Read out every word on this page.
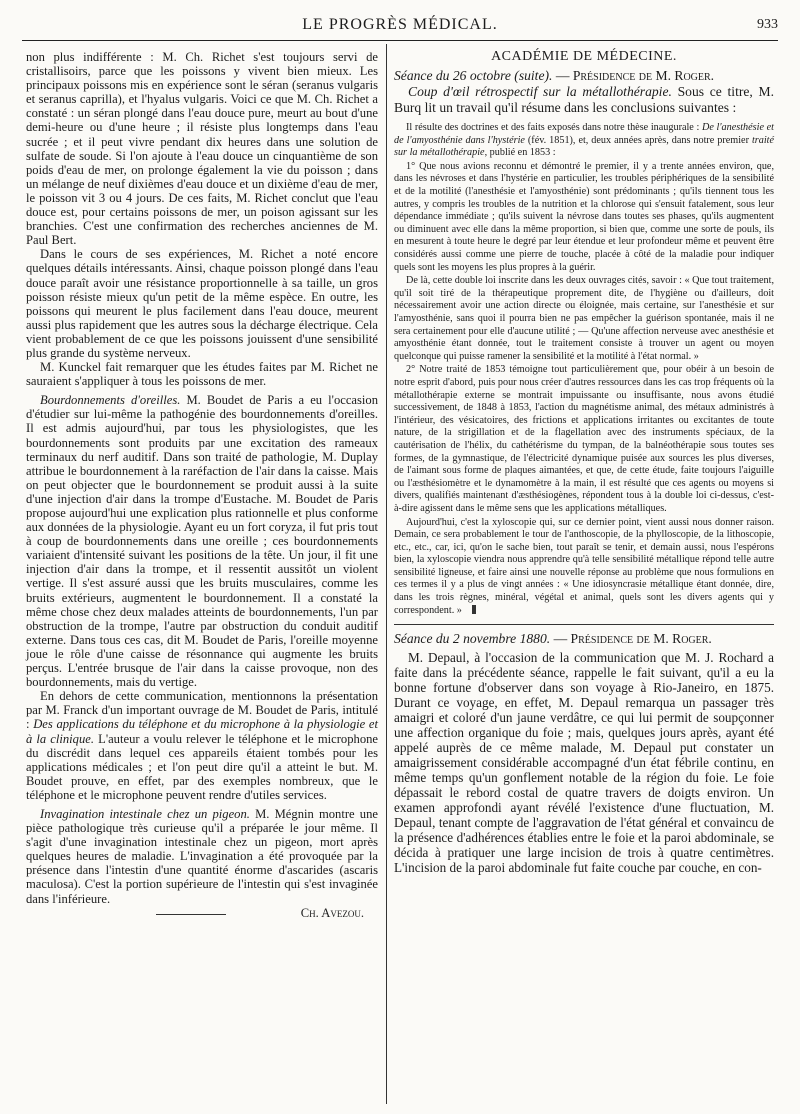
LE PROGRÈS MÉDICAL.	933

non plus indifférente : M. Ch. Richet s'est toujours servi de cristallisoirs, parce que les poissons y vivent bien mieux. Les principaux poissons mis en expérience sont le séran (seranus vulgaris et seranus caprilla), et l'hyalus vulgaris. Voici ce que M. Ch. Richet a constaté : un séran plongé dans l'eau douce pure, meurt au bout d'une demi-heure ou d'une heure ; il résiste plus longtemps dans l'eau sucrée ; et il peut vivre pendant dix heures dans une solution de sulfate de soude. Si l'on ajoute à l'eau douce un cinquantième de son poids d'eau de mer, on prolonge également la vie du poisson ; dans un mélange de neuf dixièmes d'eau douce et un dixième d'eau de mer, le poisson vit 3 ou 4 jours. De ces faits, M. Richet conclut que l'eau douce est, pour certains poissons de mer, un poison agissant sur les branchies. C'est une confirmation des recherches anciennes de M. Paul Bert.

Dans le cours de ses expériences, M. Richet a noté encore quelques détails intéressants. Ainsi, chaque poisson plongé dans l'eau douce paraît avoir une résistance proportionnelle à sa taille, un gros poisson résiste mieux qu'un petit de la même espèce. En outre, les poissons qui meurent le plus facilement dans l'eau douce, meurent aussi plus rapidement que les autres sous la décharge électrique. Cela vient probablement de ce que les poissons jouissent d'une sensibilité plus grande du système nerveux.

M. Kunckel fait remarquer que les études faites par M. Richet ne sauraient s'appliquer à tous les poissons de mer.

Bourdonnements d'oreilles. M. Boudet de Paris a eu l'occasion d'étudier sur lui-même la pathogénie des bourdonnements d'oreilles. Il est admis aujourd'hui, par tous les physiologistes, que les bourdonnements sont produits par une excitation des rameaux terminaux du nerf auditif. Dans son traité de pathologie, M. Duplay attribue le bourdonnement à la raréfaction de l'air dans la caisse. Mais on peut objecter que le bourdonnement se produit aussi à la suite d'une injection d'air dans la trompe d'Eustache. M. Boudet de Paris propose aujourd'hui une explication plus rationnelle et plus conforme aux données de la physiologie. Ayant eu un fort coryza, il fut pris tout à coup de bourdonnements dans une oreille ; ces bourdonnements variaient d'intensité suivant les positions de la tête. Un jour, il fit une injection d'air dans la trompe, et il ressentit aussitôt un violent vertige. Il s'est assuré aussi que les bruits musculaires, comme les bruits extérieurs, augmentent le bourdonnement. Il a constaté la même chose chez deux malades atteints de bourdonnements, l'un par obstruction de la trompe, l'autre par obstruction du conduit auditif externe. Dans tous ces cas, dit M. Boudet de Paris, l'oreille moyenne joue le rôle d'une caisse de résonnance qui augmente les bruits perçus. L'entrée brusque de l'air dans la caisse provoque, non des bourdonnements, mais du vertige.

En dehors de cette communication, mentionnons la présentation par M. Franck d'un important ouvrage de M. Boudet de Paris, intitulé : Des applications du téléphone et du microphone à la physiologie et à la clinique. L'auteur a voulu relever le téléphone et le microphone du discrédit dans lequel ces appareils étaient tombés pour les applications médicales ; et l'on peut dire qu'il a atteint le but. M. Boudet prouve, en effet, par des exemples nombreux, que le téléphone et le microphone peuvent rendre d'utiles services.

Invagination intestinale chez un pigeon. M. Mégnin montre une pièce pathologique très curieuse qu'il a préparée le jour même. Il s'agit d'une invagination intestinale chez un pigeon, mort après quelques heures de maladie. L'invagination a été provoquée par la présence dans l'intestin d'une quantité énorme d'ascarides (ascaris maculosa). C'est la portion supérieure de l'intestin qui s'est invaginée dans l'inférieure.

Ch. Avezou.
ACADÉMIE DE MÉDECINE.

Séance du 26 octobre (suite). — Présidence de M. Roger.

Coup d'œil rétrospectif sur la métallothérapie. Sous ce titre, M. Burq lit un travail qu'il résume dans les conclusions suivantes :

Il résulte des doctrines et des faits exposés dans notre thèse inaugurale : De l'anesthésie et de l'amyosthénie dans l'hystérie (fév. 1851), et, deux années après, dans notre premier traité sur la métallothérapie, publié en 1853 :

1° Que nous avions reconnu et démontré le premier, il y a trente années environ, que, dans les névroses et dans l'hystérie en particulier, les troubles périphériques de la sensibilité et de la motilité (l'anesthésie et l'amyosthénie) sont prédominants ; qu'ils tiennent tous les autres, y compris les troubles de la nutrition et la chlorose qui s'ensuit fatalement, sous leur dépendance immédiate ; qu'ils suivent la névrose dans toutes ses phases, qu'ils augmentent ou diminuent avec elle dans la même proportion, si bien que, comme une sorte de pouls, ils en mesurent à toute heure le degré par leur étendue et leur profondeur même et peuvent être considérés aussi comme une pierre de touche, placée à côté de la maladie pour indiquer quels sont les moyens les plus propres à la guérir.

De là, cette double loi inscrite dans les deux ouvrages cités, savoir : « Que tout traitement, qu'il soit tiré de la thérapeutique proprement dite, de l'hygiène ou d'ailleurs, doit nécessairement avoir une action directe ou éloignée, mais certaine, sur l'anesthésie et sur l'amyosthénie, sans quoi il pourra bien ne pas empêcher la guérison spontanée, mais il ne sera certainement pour elle d'aucune utilité ; — Qu'une affection nerveuse avec anesthésie et amyosthénie étant donnée, tout le traitement consiste à trouver un agent ou moyen quelconque qui puisse ramener la sensibilité et la motilité à l'état normal. »

2° Notre traité de 1853 témoigne tout particulièrement que, pour obéir à un besoin de notre esprit d'abord, puis pour nous créer d'autres ressources dans les cas trop fréquents où la métallothérapie externe se montrait impuissante ou insuffisante, nous avons étudié successivement, de 1848 à 1853, l'action du magnétisme animal, des métaux administrés à l'intérieur, des vésicatoires, des frictions et applications irritantes ou excitantes de toute nature, de la strigillation et de la flagellation avec des instruments spéciaux, de la cautérisation de l'hélix, du cathétérisme du tympan, de la balnéothérapie sous toutes ses formes, de la gymnastique, de l'électricité dynamique puisée aux sources les plus diverses, de l'aimant sous forme de plaques aimantées, et que, de cette étude, faite toujours l'aiguille ou l'æsthésiomètre et le dynamomètre à la main, il est résulté que ces agents ou moyens si divers, qualifiés maintenant d'æsthésiogènes, répondent tous à la double loi ci-dessus, c'est-à-dire agissent dans le même sens que les applications métalliques.

Aujourd'hui, c'est la xyloscopie qui, sur ce dernier point, vient aussi nous donner raison. Demain, ce sera probablement le tour de l'anthoscopie, de la phylloscopie, de la lithoscopie, etc., etc., car, ici, qu'on le sache bien, tout paraît se tenir, et demain aussi, nous l'espérons bien, la xyloscopie viendra nous apprendre qu'à telle sensibilité métallique répond telle autre sensibilité ligneuse, et faire ainsi une nouvelle réponse au problème que nous formulions en ces termes il y a plus de vingt années : « Une idiosyncrasie métallique étant donnée, dire, dans les trois règnes, minéral, végétal et animal, quels sont les divers agents qui y correspondent. »

Séance du 2 novembre 1880. — Présidence de M. Roger.

M. Depaul, à l'occasion de la communication que M. J. Rochard a faite dans la précédente séance, rappelle le fait suivant, qu'il a eu la bonne fortune d'observer dans son voyage à Rio-Janeiro, en 1875. Durant ce voyage, en effet, M. Depaul remarqua un passager très amaigri et coloré d'un jaune verdâtre, ce qui lui permit de soupçonner une affection organique du foie ; mais, quelques jours après, ayant été appelé auprès de ce même malade, M. Depaul put constater un amaigrissement considérable accompagné d'un état fébrile continu, en même temps qu'un gonflement notable de la région du foie. Le foie dépassait le rebord costal de quatre travers de doigts environ. Un examen approfondi ayant révélé l'existence d'une fluctuation, M. Depaul, tenant compte de l'aggravation de l'état général et convaincu de la présence d'adhérences établies entre le foie et la paroi abdominale, se décida à pratiquer une large incision de trois à quatre centimètres. L'incision de la paroi abdominale fut faite couche par couche, en con-
